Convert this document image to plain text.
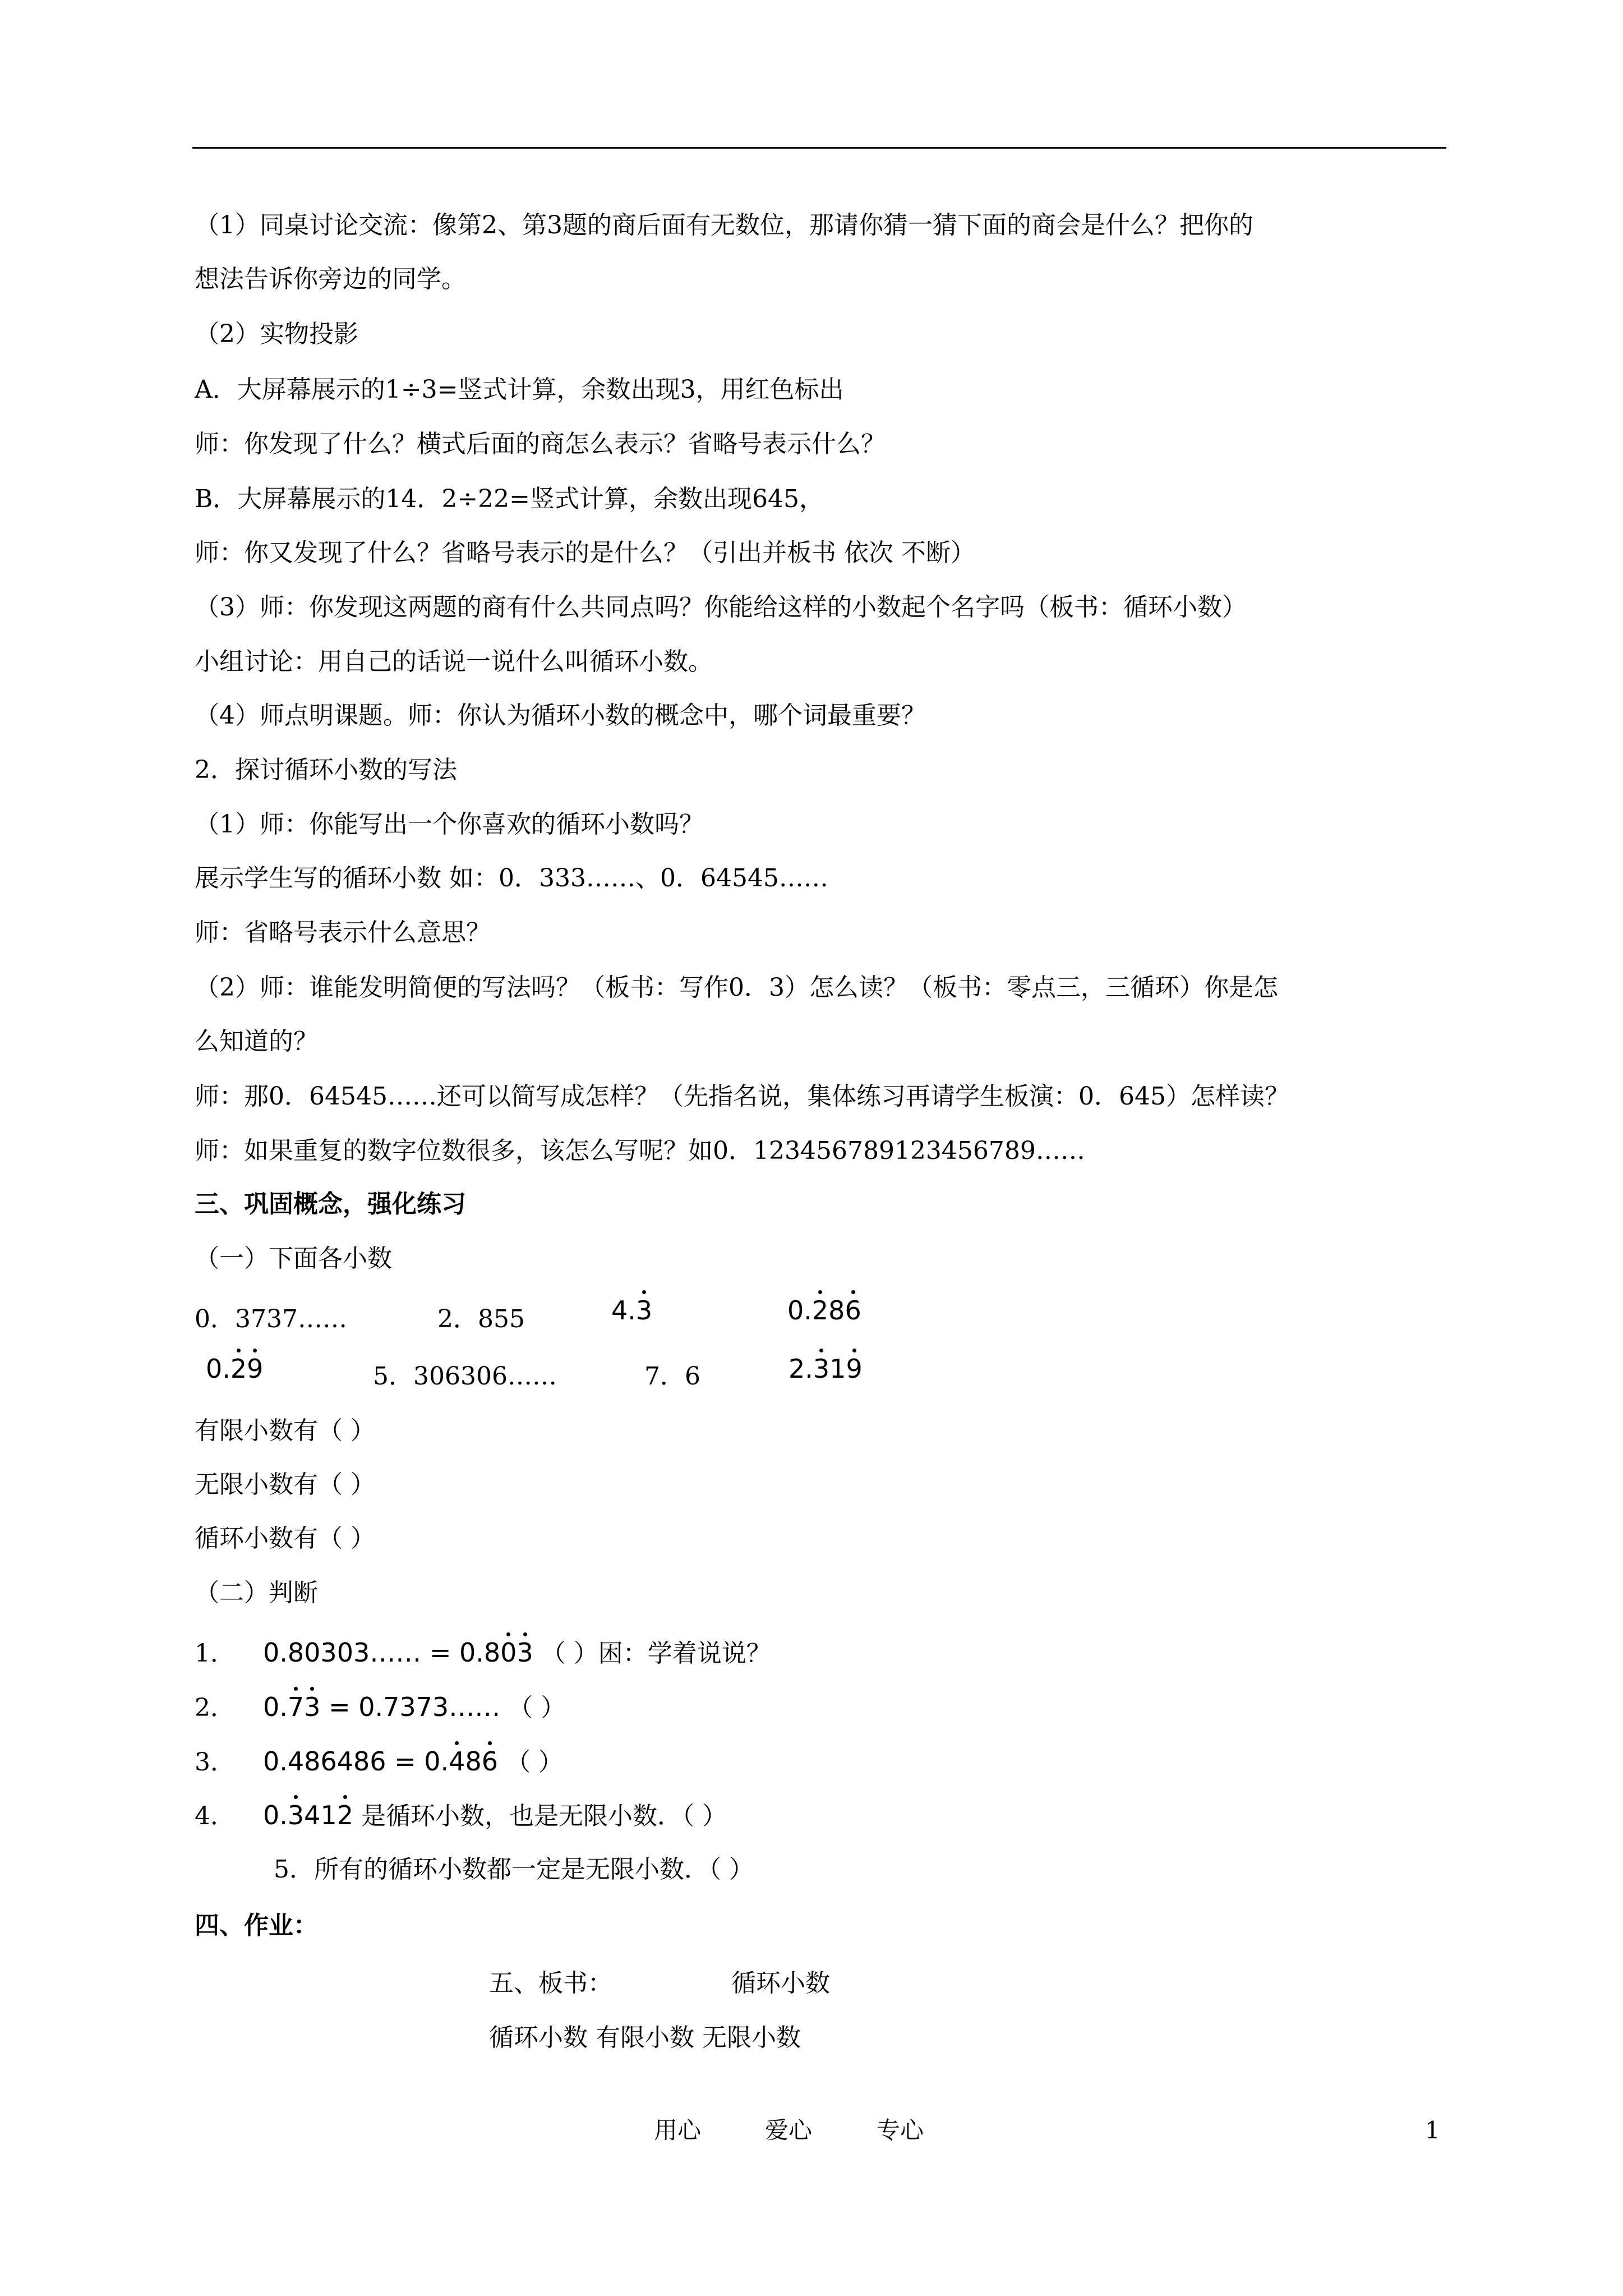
（1）同桌讨论交流：像第2、第3题的商后面有无数位，那请你猜一猜下面的商会是什么？把你的
想法告诉你旁边的同学。
（2）实物投影
A．大屏幕展示的1÷3=竖式计算，余数出现3，用红色标出
师：你发现了什么？横式后面的商怎么表示？省略号表示什么？
B．大屏幕展示的14．2÷22=竖式计算，余数出现645，
师：你又发现了什么？省略号表示的是什么？（引出并板书 依次 不断）
（3）师：你发现这两题的商有什么共同点吗？你能给这样的小数起个名字吗（板书：循环小数）
小组讨论：用自己的话说一说什么叫循环小数。
（4）师点明课题。师：你认为循环小数的概念中，哪个词最重要？
2．探讨循环小数的写法
（1）师：你能写出一个你喜欢的循环小数吗？
展示学生写的循环小数 如：0．333……、0．64545……
师：省略号表示什么意思？
（2）师：谁能发明简便的写法吗？（板书：写作0．3）怎么读？（板书：零点三，三循环）你是怎
么知道的？
师：那0．64545……还可以简写成怎样？（先指名说，集体练习再请学生板演：0．645）怎样读？
师：如果重复的数字位数很多，该怎么写呢？如0．123456789123456789……
三、巩固概念，强化练习
（一）下面各小数
0．3737……	2．855	4.3	0.286
0.29	5．306306……	7．6	2.319
有限小数有（ ）
无限小数有（ ）
循环小数有（ ）
（二）判断
1． 0.80303…… = 0.803 （ ）困：学着说说？
2． 0.73 = 0.7373…… （ ）
3． 0.486486 = 0.486 （ ）
4． 0.3412 是循环小数，也是无限小数．（ ）
5．所有的循环小数都一定是无限小数．（ ）
四、作业：
五、板书：	循环小数
循环小数 有限小数 无限小数
用心	爱心	专心	1
